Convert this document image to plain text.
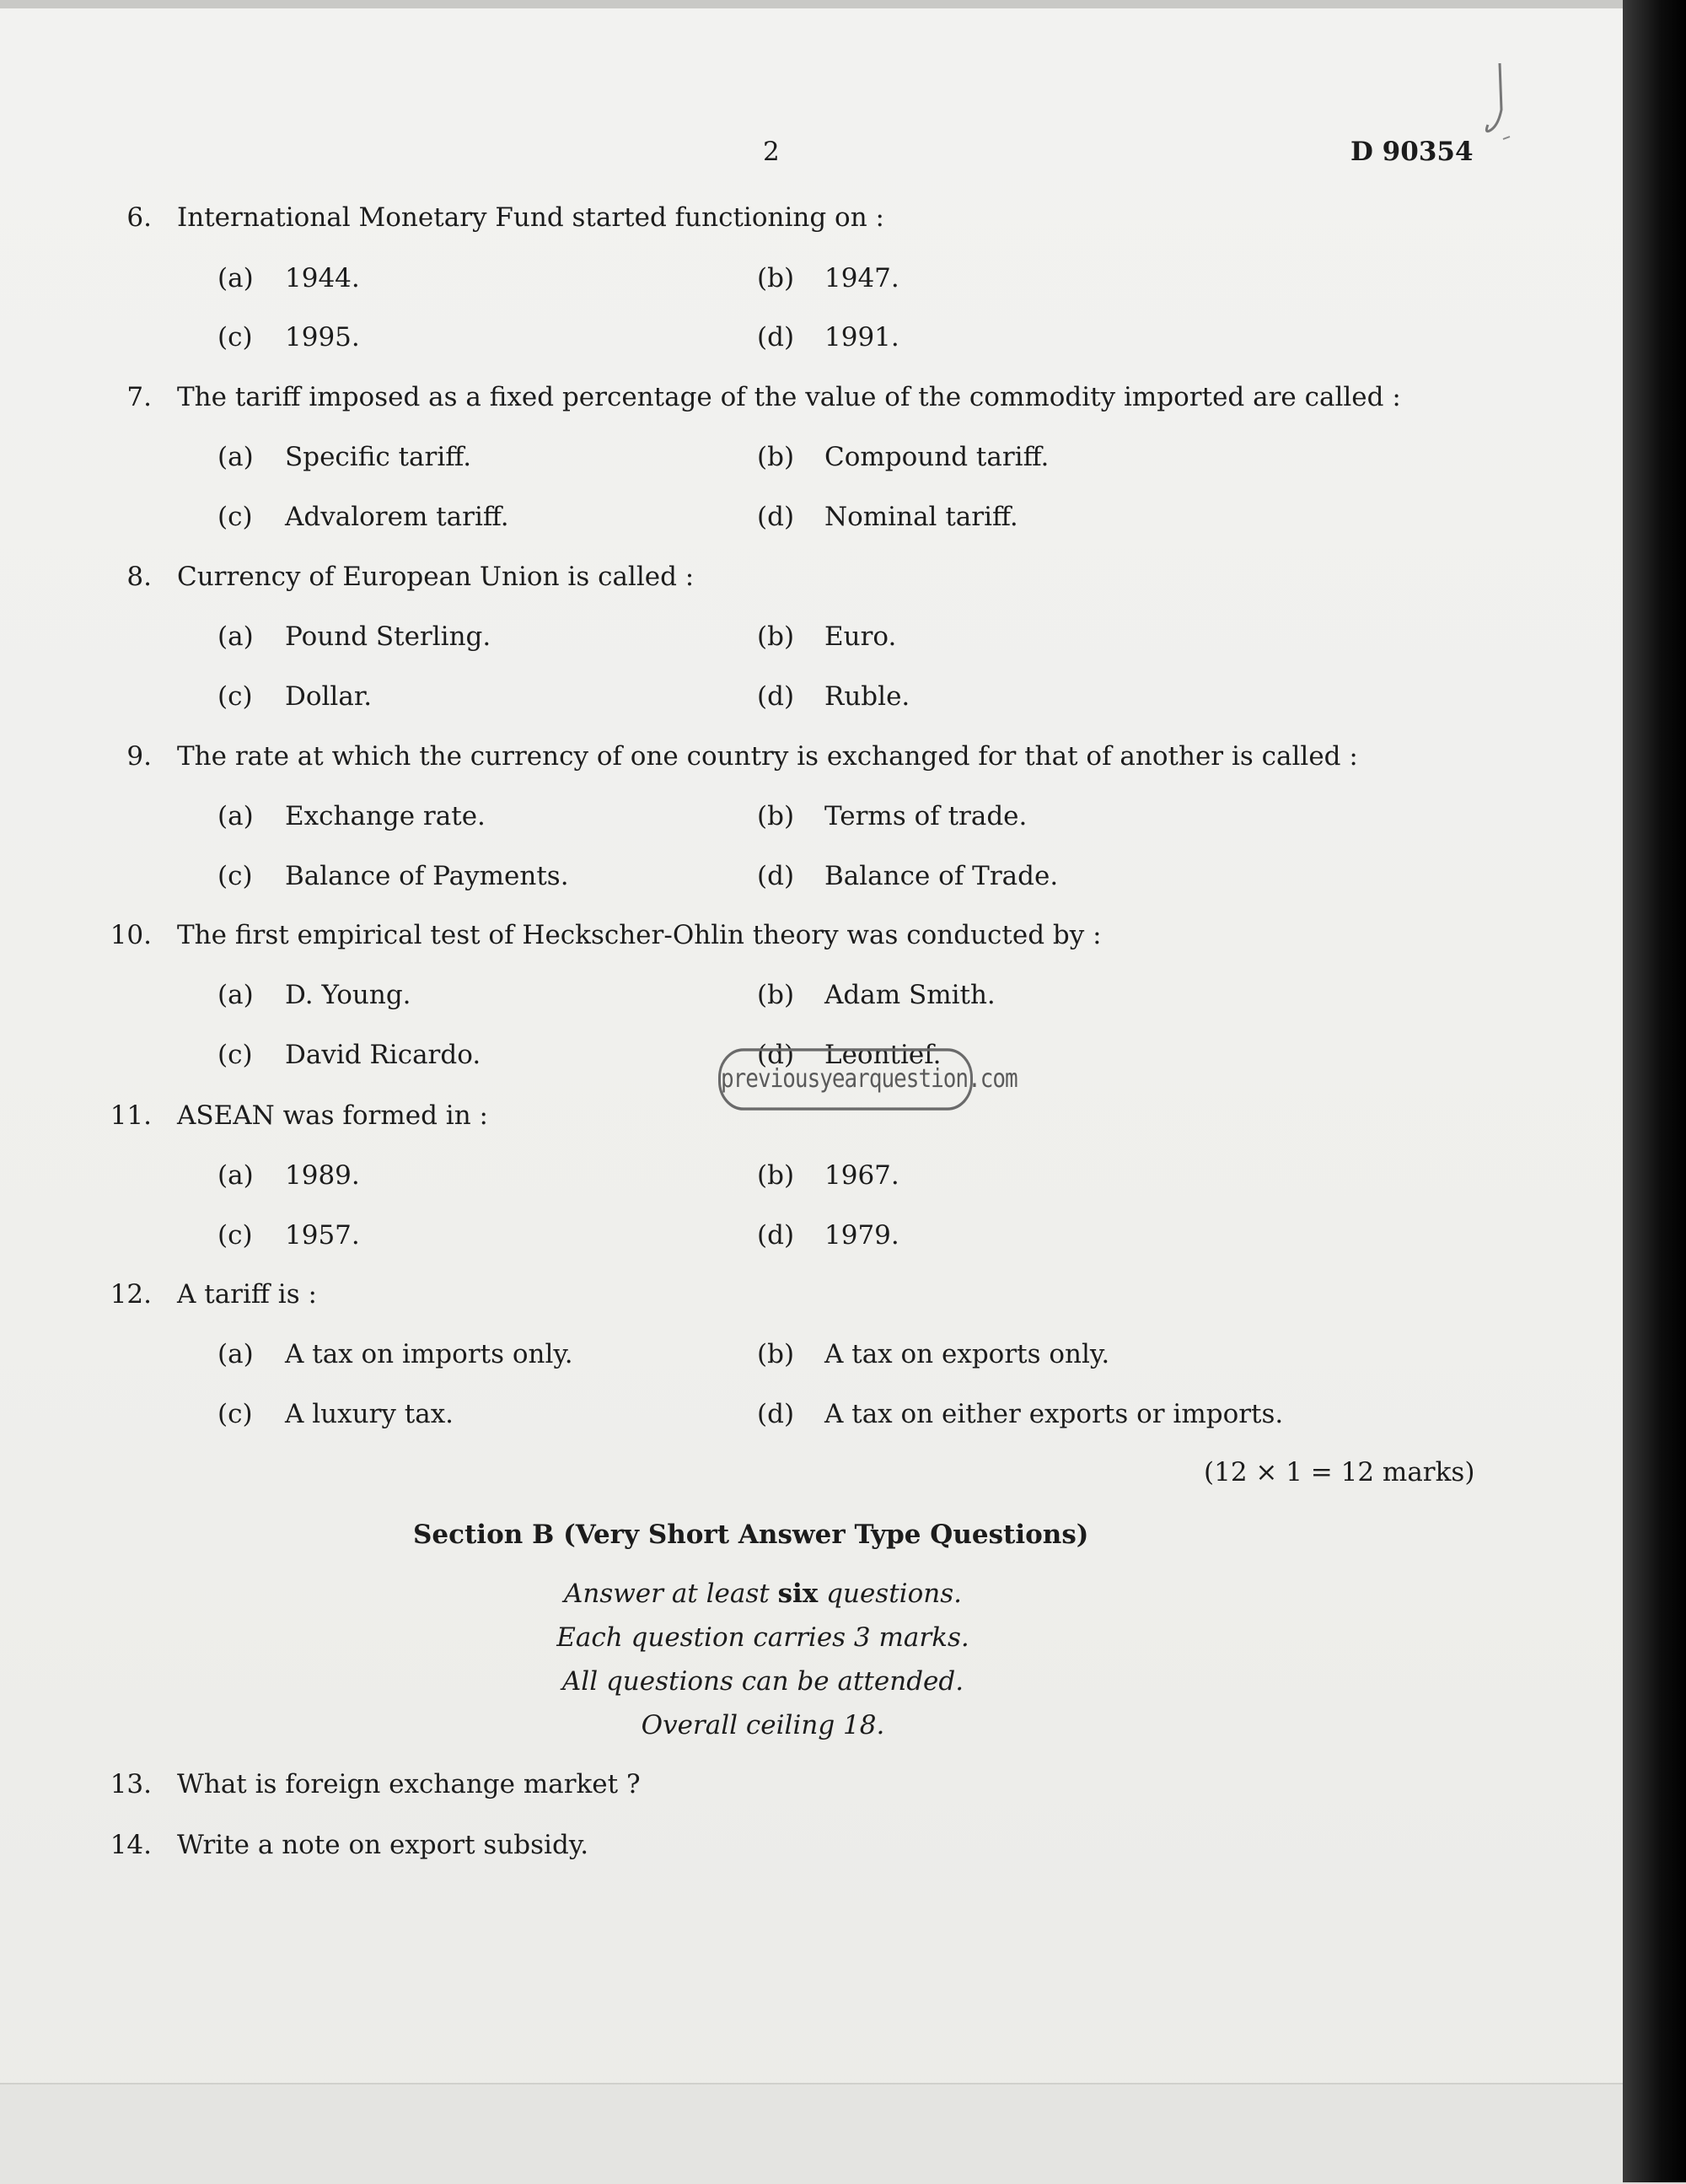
2	D 90354
6. International Monetary Fund started functioning on :
(a) 1944.	(b) 1947.
(c) 1995.	(d) 1991.
7. The tariff imposed as a fixed percentage of the value of the commodity imported are called :
(a) Specific tariff.	(b) Compound tariff.
(c) Advalorem tariff.	(d) Nominal tariff.
8. Currency of European Union is called :
(a) Pound Sterling.	(b) Euro.
(c) Dollar.	(d) Ruble.
9. The rate at which the currency of one country is exchanged for that of another is called :
(a) Exchange rate.	(b) Terms of trade.
(c) Balance of Payments.	(d) Balance of Trade.
10. The first empirical test of Heckscher-Ohlin theory was conducted by :
(a) D. Young.	(b) Adam Smith.
(c) David Ricardo.	(d) Leontief.
previousyearquestion.com
11. ASEAN was formed in :
(a) 1989.	(b) 1967.
(c) 1957.	(d) 1979.
12. A tariff is :
(a) A tax on imports only.	(b) A tax on exports only.
(c) A luxury tax.	(d) A tax on either exports or imports.
(12 × 1 = 12 marks)
Section B (Very Short Answer Type Questions)
Answer at least six questions.
Each question carries 3 marks.
All questions can be attended.
Overall ceiling 18.
13. What is foreign exchange market ?
14. Write a note on export subsidy.
